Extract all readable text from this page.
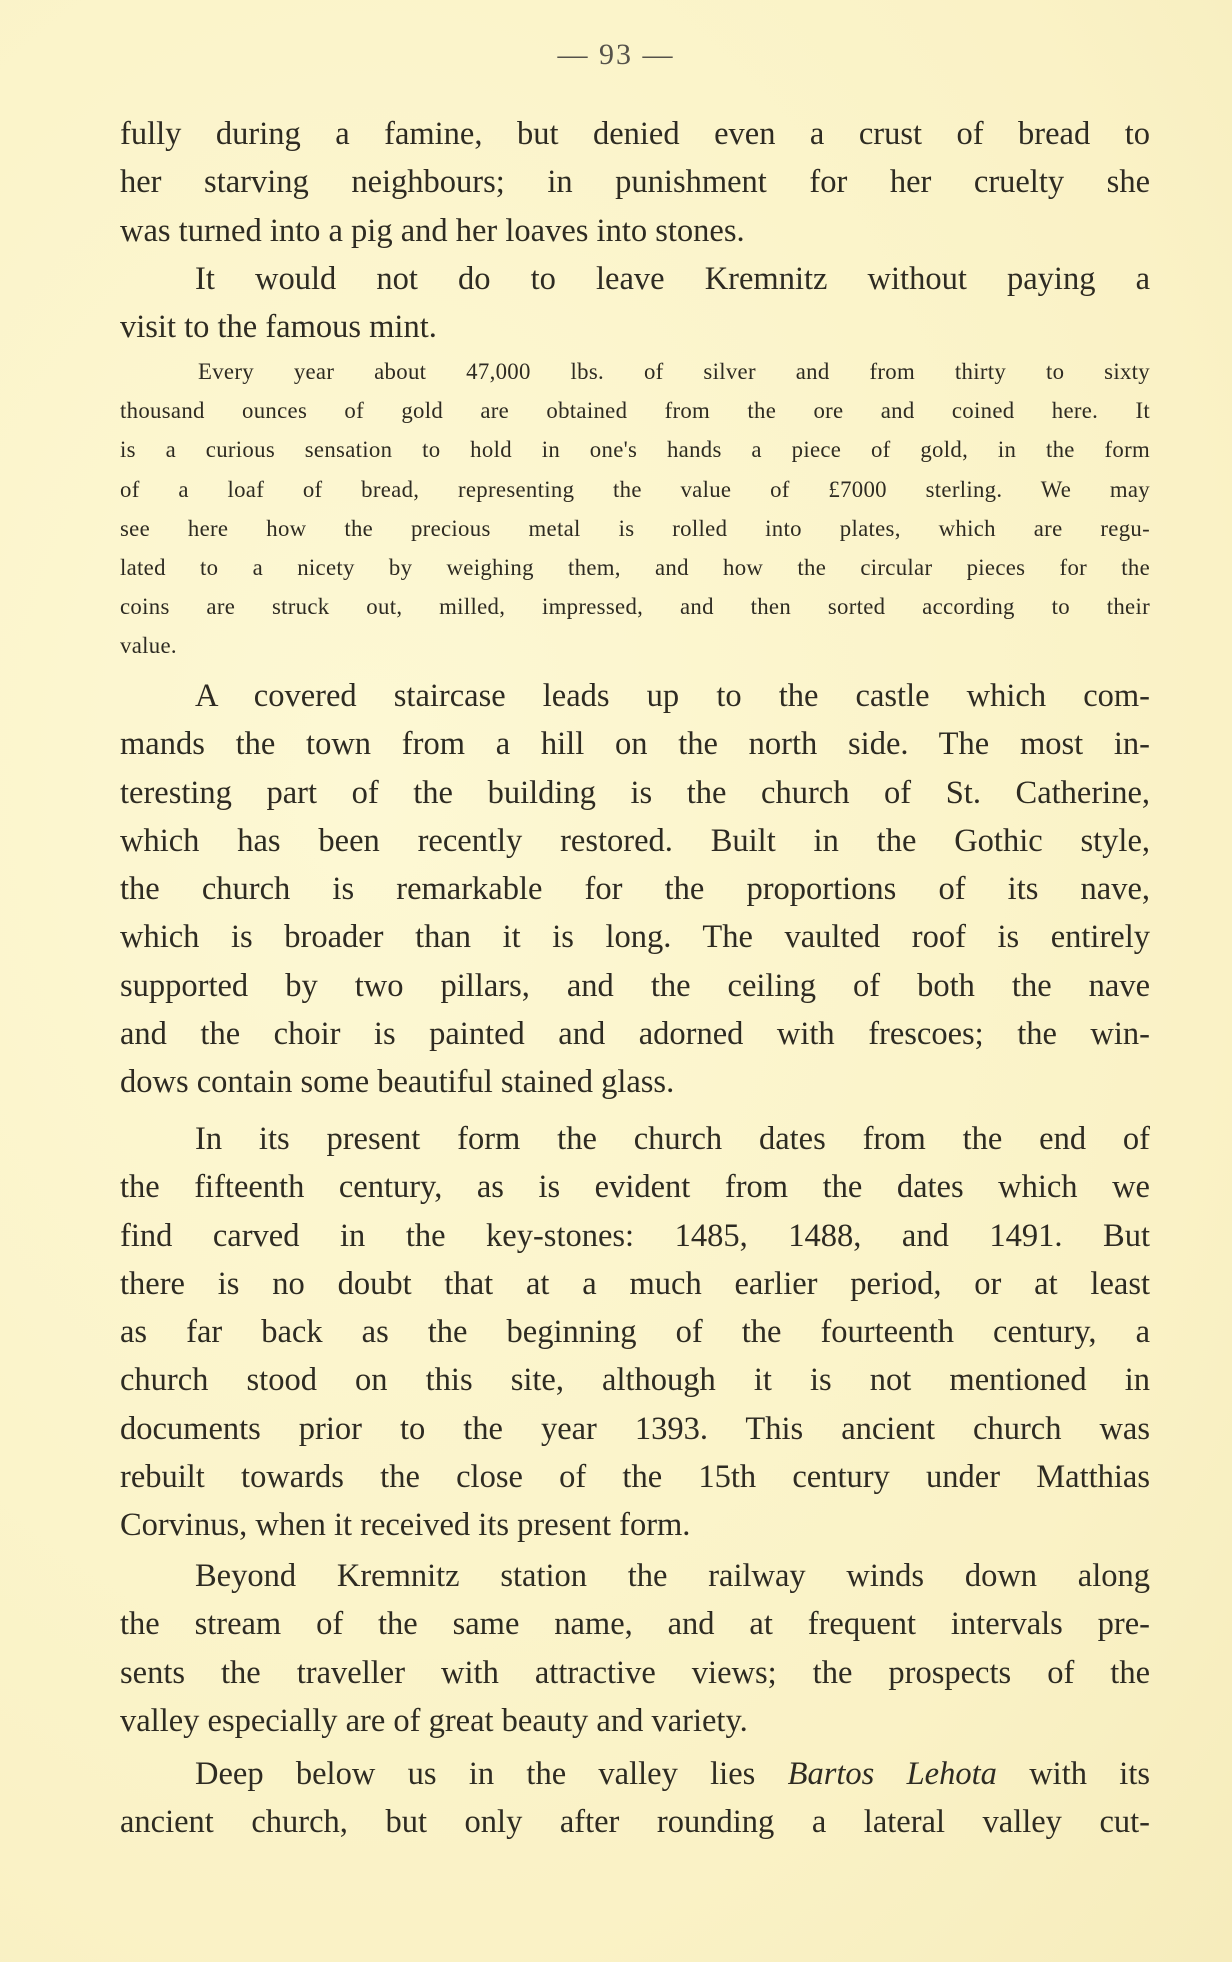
— 93 —
fully during a famine, but denied even a crust of bread to
her starving neighbours; in punishment for her cruelty she
was turned into a pig and her loaves into stones.
It would not do to leave Kremnitz without paying a
visit to the famous mint.
Every year about 47,000 lbs. of silver and from thirty to sixty
thousand ounces of gold are obtained from the ore and coined here. It
is a curious sensation to hold in one's hands a piece of gold, in the form
of a loaf of bread, representing the value of £7000 sterling. We may
see here how the precious metal is rolled into plates, which are regu-
lated to a nicety by weighing them, and how the circular pieces for the
coins are struck out, milled, impressed, and then sorted according to their
value.
A covered staircase leads up to the castle which com-
mands the town from a hill on the north side. The most in-
teresting part of the building is the church of St. Catherine,
which has been recently restored. Built in the Gothic style,
the church is remarkable for the proportions of its nave,
which is broader than it is long. The vaulted roof is entirely
supported by two pillars, and the ceiling of both the nave
and the choir is painted and adorned with frescoes; the win-
dows contain some beautiful stained glass.
In its present form the church dates from the end of
the fifteenth century, as is evident from the dates which we
find carved in the key-stones: 1485, 1488, and 1491. But
there is no doubt that at a much earlier period, or at least
as far back as the beginning of the fourteenth century, a
church stood on this site, although it is not mentioned in
documents prior to the year 1393. This ancient church was
rebuilt towards the close of the 15th century under Matthias
Corvinus, when it received its present form.
Beyond Kremnitz station the railway winds down along
the stream of the same name, and at frequent intervals pre-
sents the traveller with attractive views; the prospects of the
valley especially are of great beauty and variety.
Deep below us in the valley lies Bartos Lehota with its
ancient church, but only after rounding a lateral valley cut-
